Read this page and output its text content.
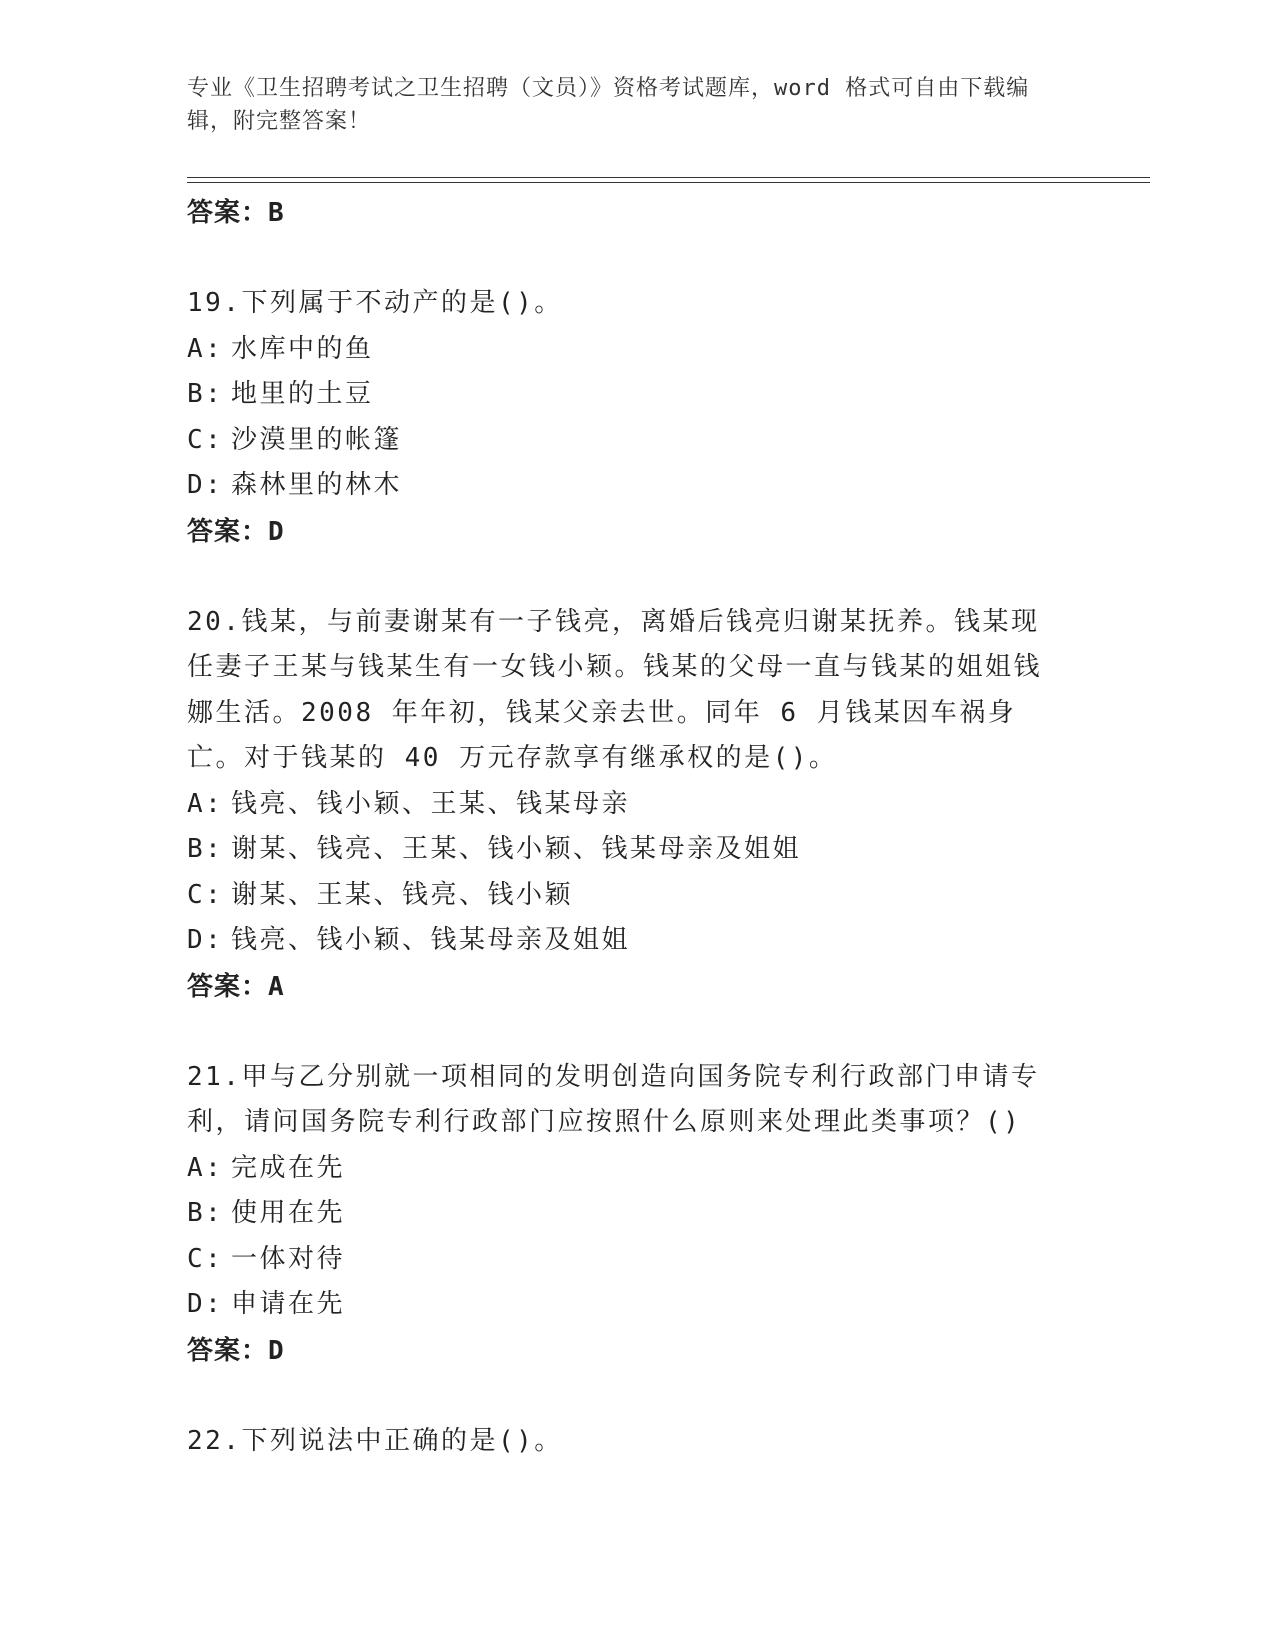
专业《卫生招聘考试之卫生招聘（文员）》资格考试题库，word 格式可自由下载编辑，附完整答案！
答案：B
19.下列属于不动产的是()。
A: 水库中的鱼
B: 地里的土豆
C: 沙漠里的帐篷
D: 森林里的林木
答案：D
20.钱某，与前妻谢某有一子钱亮，离婚后钱亮归谢某抚养。钱某现任妻子王某与钱某生有一女钱小颖。钱某的父母一直与钱某的姐姐钱娜生活。2008 年年初，钱某父亲去世。同年 6 月钱某因车祸身亡。对于钱某的 40 万元存款享有继承权的是()。
A: 钱亮、钱小颖、王某、钱某母亲
B: 谢某、钱亮、王某、钱小颖、钱某母亲及姐姐
C: 谢某、王某、钱亮、钱小颖
D: 钱亮、钱小颖、钱某母亲及姐姐
答案：A
21.甲与乙分别就一项相同的发明创造向国务院专利行政部门申请专利，请问国务院专利行政部门应按照什么原则来处理此类事项？()
A: 完成在先
B: 使用在先
C: 一体对待
D: 申请在先
答案：D
22.下列说法中正确的是()。
